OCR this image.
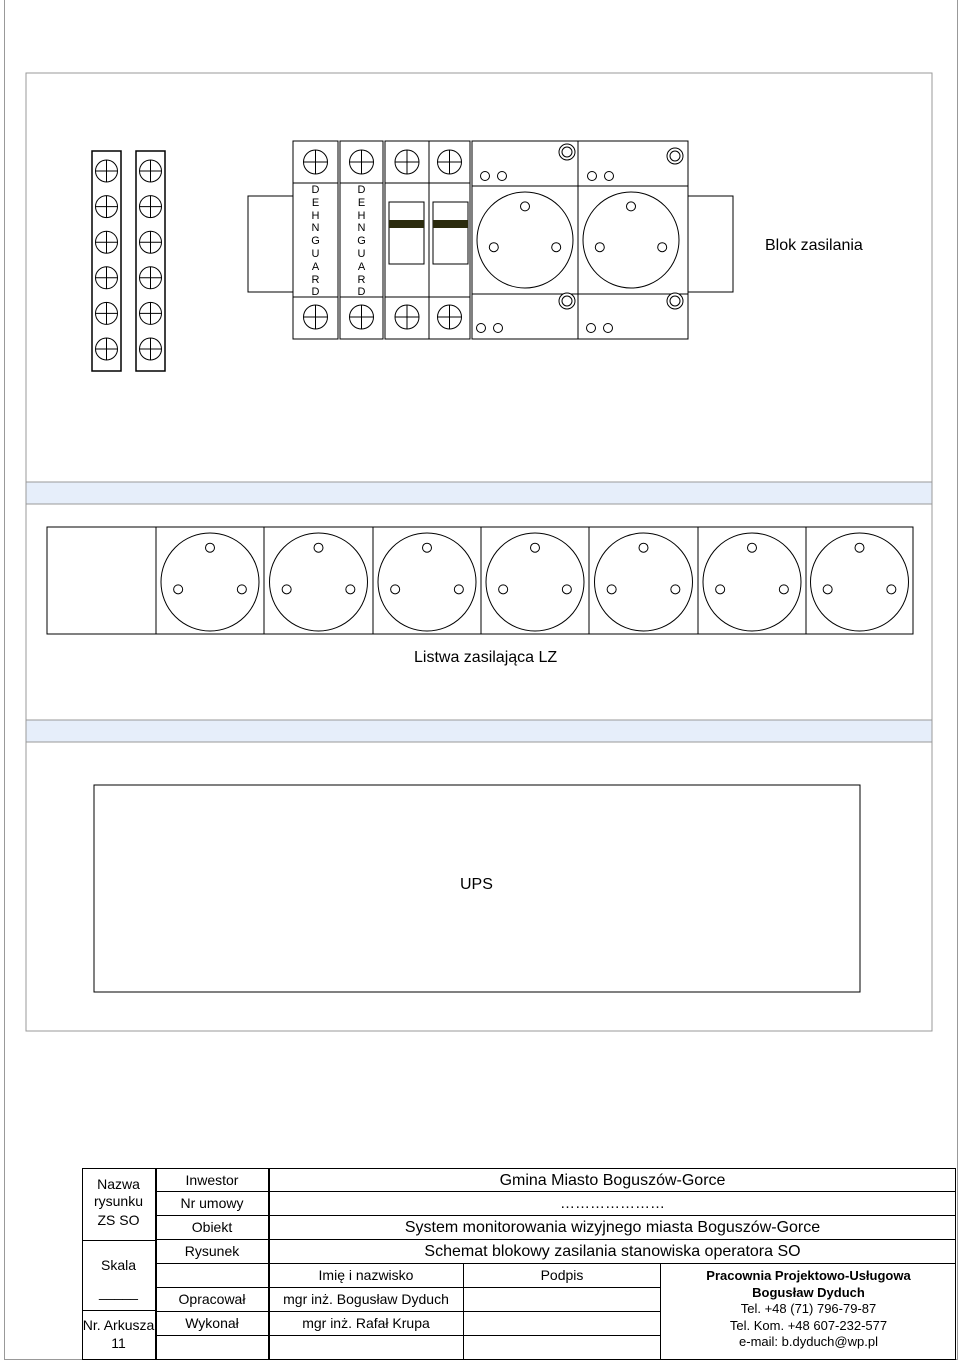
D
E
H
N
G
U
A
R
D
D
E
H
N
G
U
A
R
D
Blok zasilania
Listwa zasilająca LZ
UPS
Nazwa rysunku
ZS SO
Skala
_____
Nr. Arkusza
11
Inwestor
Nr umowy
Obiekt
Rysunek
Opracował
Wykonał
Gmina Miasto Boguszów-Gorce
…………………
System monitorowania wizyjnego miasta Boguszów-Gorce
Schemat blokowy zasilania stanowiska operatora SO
Imię i nazwisko	Podpis
mgr inż. Bogusław Dyduch
mgr inż. Rafał Krupa
Pracownia Projektowo-Usługowa
Bogusław Dyduch
Tel. +48 (71) 796-79-87
Tel. Kom. +48 607-232-577
e-mail: b.dyduch@wp.pl
